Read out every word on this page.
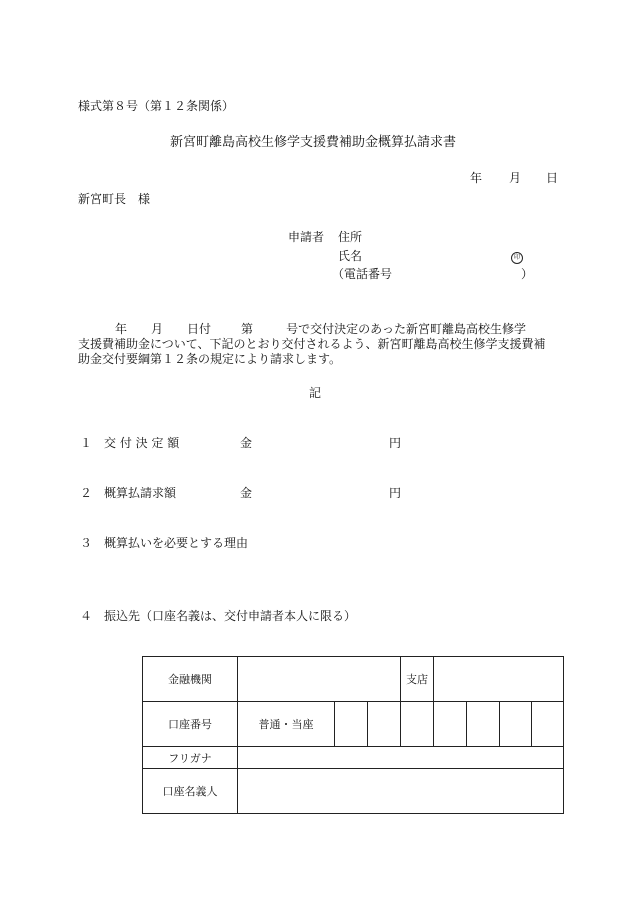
様式第８号（第１２条関係）
新宮町離島高校生修学支援費補助金概算払請求書
年 月 日
新宮町長　様
申請者 住所
氏名	印
（電話番号	）
年 月 日付	第	号で交付決定のあった新宮町離島高校生修学
支援費補助金について、下記のとおり交付されるよう、新宮町離島高校生修学支援費補
助金交付要綱第１２条の規定により請求します。
記
１ 交 付 決 定 額	金	円
２ 概算払請求額	金	円
３ 概算払いを必要とする理由
４ 振込先（口座名義は、交付申請者本人に限る）
金融機関				支店				
口座番号	普通・当座							
フリガナ								
口座名義人								
